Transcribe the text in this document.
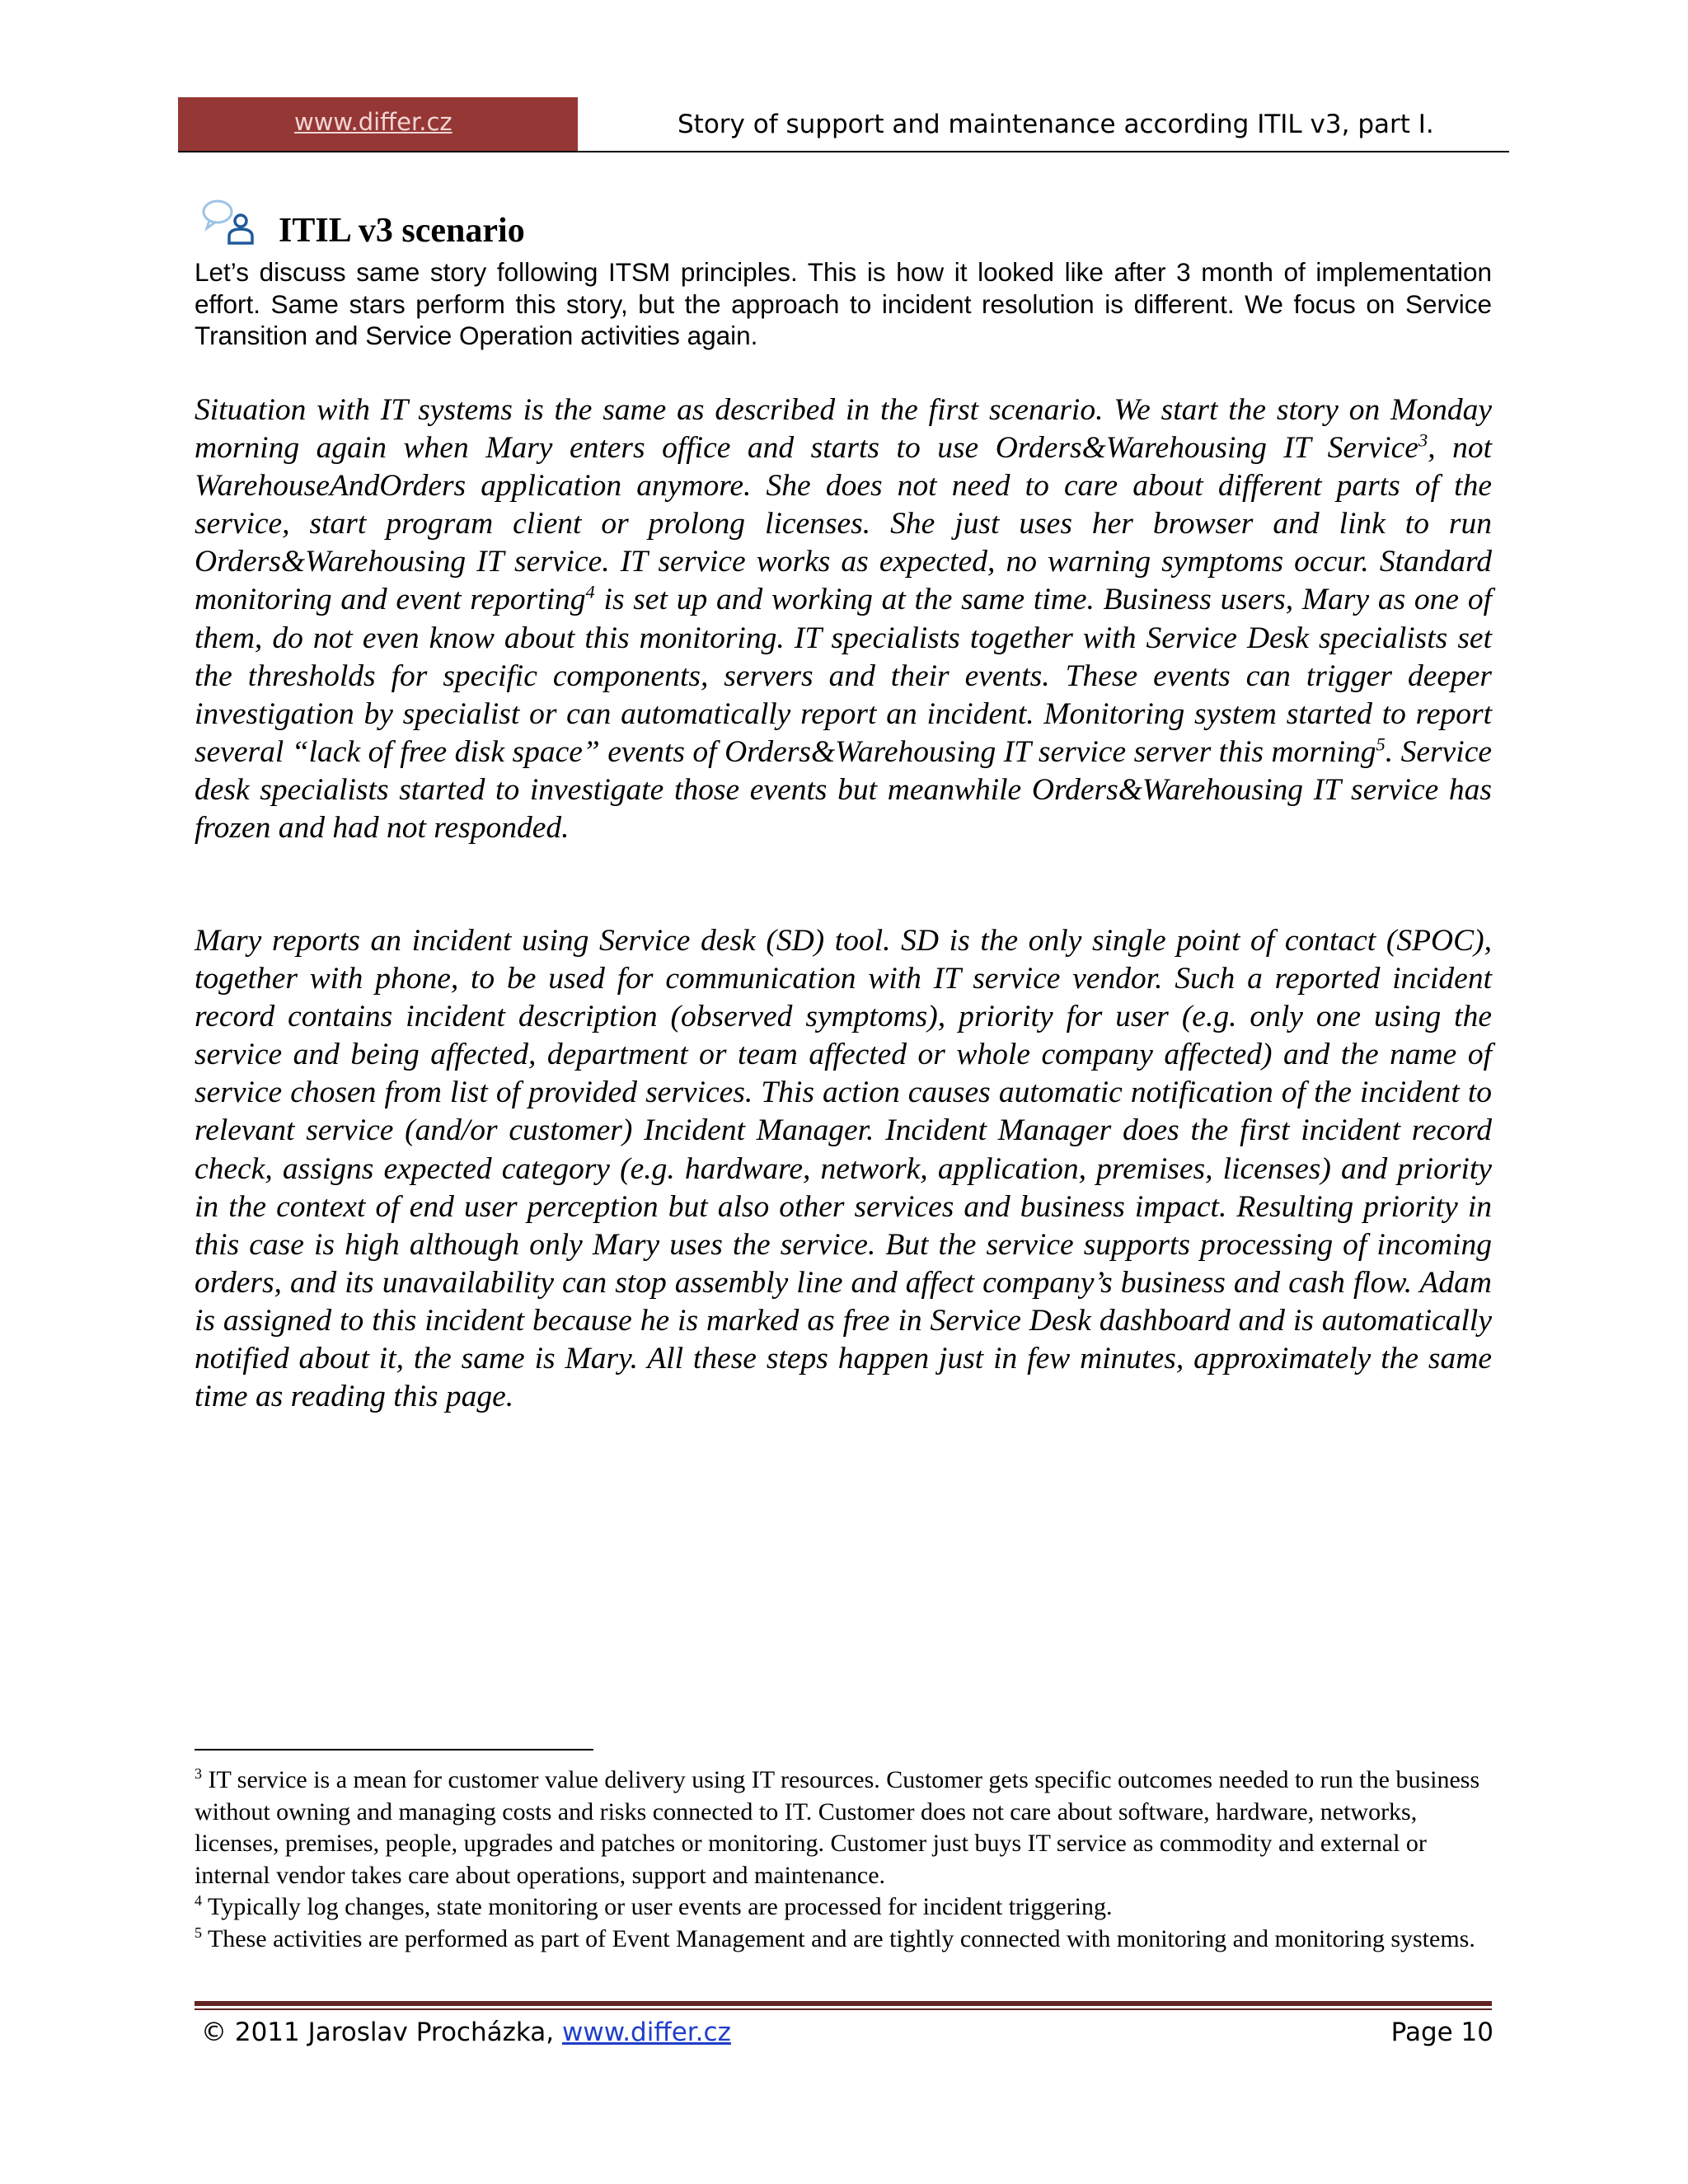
www.differ.cz	Story of support and maintenance according ITIL v3, part I.
ITIL v3 scenario

Let’s discuss same story following ITSM principles. This is how it looked like after 3 month of implementation effort. Same stars perform this story, but the approach to incident resolution is different. We focus on Service Transition and Service Operation activities again.

Situation with IT systems is the same as described in the first scenario. We start the story on Monday morning again when Mary enters office and starts to use Orders&Warehousing IT Service$^3$, not WarehouseAndOrders application anymore. She does not need to care about different parts of the service, start program client or prolong licenses. She just uses her browser and link to run Orders&Warehousing IT service. IT service works as expected, no warning symptoms occur. Standard monitoring and event reporting$^4$ is set up and working at the same time. Business users, Mary as one of them, do not even know about this monitoring. IT specialists together with Service Desk specialists set the thresholds for specific components, servers and their events. These events can trigger deeper investigation by specialist or can automatically report an incident. Monitoring system started to report several “lack of free disk space” events of Orders&Warehousing IT service server this morning$^5$. Service desk specialists started to investigate those events but meanwhile Orders&Warehousing IT service has frozen and had not responded.

Mary reports an incident using Service desk (SD) tool. SD is the only single point of contact (SPOC), together with phone, to be used for communication with IT service vendor. Such a reported incident record contains incident description (observed symptoms), priority for user (e.g. only one using the service and being affected, department or team affected or whole company affected) and the name of service chosen from list of provided services. This action causes automatic notification of the incident to relevant service (and/or customer) Incident Manager. Incident Manager does the first incident record check, assigns expected category (e.g. hardware, network, application, premises, licenses) and priority in the context of end user perception but also other services and business impact. Resulting priority in this case is high although only Mary uses the service. But the service supports processing of incoming orders, and its unavailability can stop assembly line and affect company’s business and cash flow. Adam is assigned to this incident because he is marked as free in Service Desk dashboard and is automatically notified about it, the same is Mary. All these steps happen just in few minutes, approximately the same time as reading this page.

$^3$ IT service is a mean for customer value delivery using IT resources. Customer gets specific outcomes needed to run the business without owning and managing costs and risks connected to IT. Customer does not care about software, hardware, networks, licenses, premises, people, upgrades and patches or monitoring. Customer just buys IT service as commodity and external or internal vendor takes care about operations, support and maintenance.

$^4$ Typically log changes, state monitoring or user events are processed for incident triggering.

$^5$ These activities are performed as part of Event Management and are tightly connected with monitoring and monitoring systems.

© 2011 Jaroslav Procházka, www.differ.cz	Page 10
